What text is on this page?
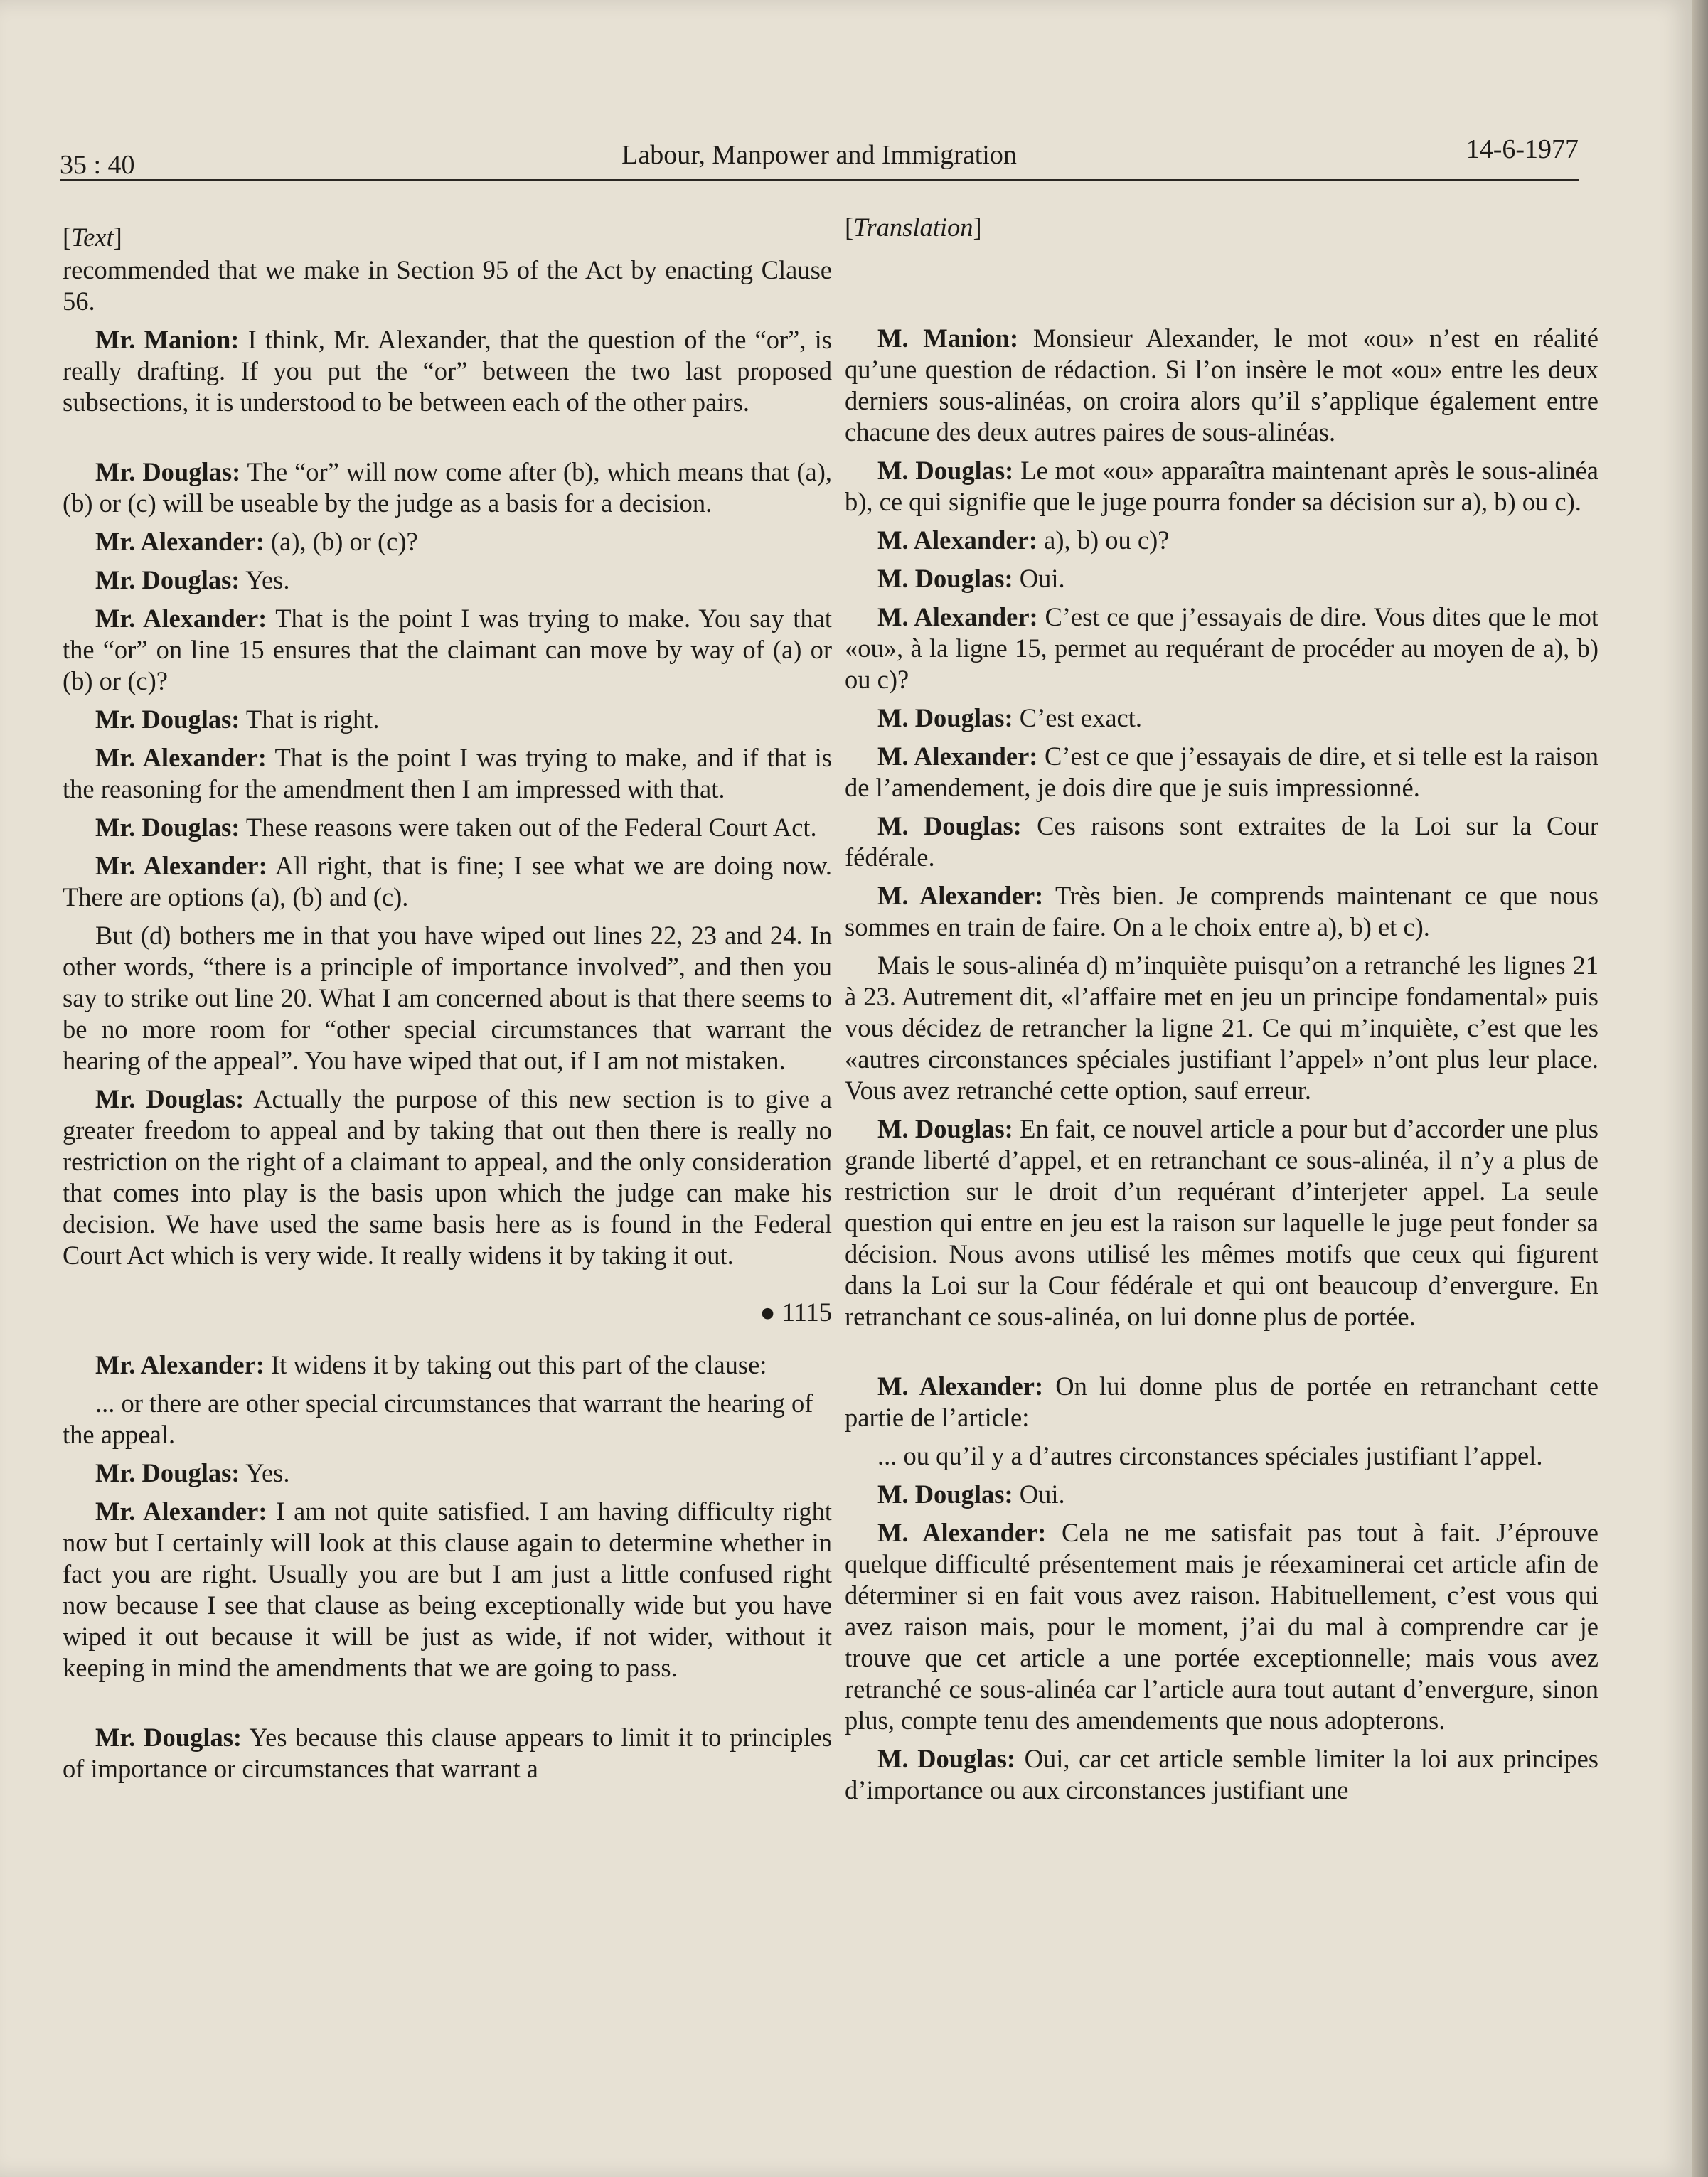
35 : 40	Labour, Manpower and Immigration	14-6-1977
[Text]

recommended that we make in Section 95 of the Act by enacting Clause 56.

Mr. Manion: I think, Mr. Alexander, that the question of the “or”, is really drafting. If you put the “or” between the two last proposed subsections, it is understood to be between each of the other pairs.

Mr. Douglas: The “or” will now come after (b), which means that (a), (b) or (c) will be useable by the judge as a basis for a decision.

Mr. Alexander: (a), (b) or (c)?

Mr. Douglas: Yes.

Mr. Alexander: That is the point I was trying to make. You say that the “or” on line 15 ensures that the claimant can move by way of (a) or (b) or (c)?

Mr. Douglas: That is right.

Mr. Alexander: That is the point I was trying to make, and if that is the reasoning for the amendment then I am impressed with that.

Mr. Douglas: These reasons were taken out of the Federal Court Act.

Mr. Alexander: All right, that is fine; I see what we are doing now. There are options (a), (b) and (c).

But (d) bothers me in that you have wiped out lines 22, 23 and 24. In other words, “there is a principle of importance involved”, and then you say to strike out line 20. What I am concerned about is that there seems to be no more room for “other special circumstances that warrant the hearing of the appeal”. You have wiped that out, if I am not mistaken.

Mr. Douglas: Actually the purpose of this new section is to give a greater freedom to appeal and by taking that out then there is really no restriction on the right of a claimant to appeal, and the only consideration that comes into play is the basis upon which the judge can make his decision. We have used the same basis here as is found in the Federal Court Act which is very wide. It really widens it by taking it out.

● 1115

Mr. Alexander: It widens it by taking out this part of the clause:

... or there are other special circumstances that warrant the hearing of the appeal.

Mr. Douglas: Yes.

Mr. Alexander: I am not quite satisfied. I am having difficulty right now but I certainly will look at this clause again to determine whether in fact you are right. Usually you are but I am just a little confused right now because I see that clause as being exceptionally wide but you have wiped it out because it will be just as wide, if not wider, without it keeping in mind the amendments that we are going to pass.

Mr. Douglas: Yes because this clause appears to limit it to principles of importance or circumstances that warrant a

[Translation]

M. Manion: Monsieur Alexander, le mot «ou» n’est en réalité qu’une question de rédaction. Si l’on insère le mot «ou» entre les deux derniers sous-alinéas, on croira alors qu’il s’applique également entre chacune des deux autres paires de sous-alinéas.

M. Douglas: Le mot «ou» apparaîtra maintenant après le sous-alinéa b), ce qui signifie que le juge pourra fonder sa décision sur a), b) ou c).

M. Alexander: a), b) ou c)?

M. Douglas: Oui.

M. Alexander: C’est ce que j’essayais de dire. Vous dites que le mot «ou», à la ligne 15, permet au requérant de procéder au moyen de a), b) ou c)?

M. Douglas: C’est exact.

M. Alexander: C’est ce que j’essayais de dire, et si telle est la raison de l’amendement, je dois dire que je suis impressionné.

M. Douglas: Ces raisons sont extraites de la Loi sur la Cour fédérale.

M. Alexander: Très bien. Je comprends maintenant ce que nous sommes en train de faire. On a le choix entre a), b) et c).

Mais le sous-alinéa d) m’inquiète puisqu’on a retranché les lignes 21 à 23. Autrement dit, «l’affaire met en jeu un principe fondamental» puis vous décidez de retrancher la ligne 21. Ce qui m’inquiète, c’est que les «autres circonstances spéciales justifiant l’appel» n’ont plus leur place. Vous avez retranché cette option, sauf erreur.

M. Douglas: En fait, ce nouvel article a pour but d’accorder une plus grande liberté d’appel, et en retranchant ce sous-alinéa, il n’y a plus de restriction sur le droit d’un requérant d’interjeter appel. La seule question qui entre en jeu est la raison sur laquelle le juge peut fonder sa décision. Nous avons utilisé les mêmes motifs que ceux qui figurent dans la Loi sur la Cour fédérale et qui ont beaucoup d’envergure. En retranchant ce sous-alinéa, on lui donne plus de portée.

M. Alexander: On lui donne plus de portée en retranchant cette partie de l’article:

... ou qu’il y a d’autres circonstances spéciales justifiant l’appel.

M. Douglas: Oui.

M. Alexander: Cela ne me satisfait pas tout à fait. J’éprouve quelque difficulté présentement mais je réexaminerai cet article afin de déterminer si en fait vous avez raison. Habituellement, c’est vous qui avez raison mais, pour le moment, j’ai du mal à comprendre car je trouve que cet article a une portée exceptionnelle; mais vous avez retranché ce sous-alinéa car l’article aura tout autant d’envergure, sinon plus, compte tenu des amendements que nous adopterons.

M. Douglas: Oui, car cet article semble limiter la loi aux principes d’importance ou aux circonstances justifiant une
